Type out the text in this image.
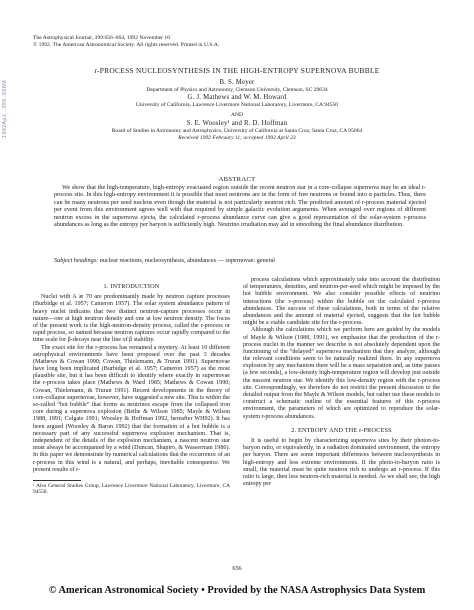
1992ApJ...399..656M
The Astrophysical Journal, 399:656–664, 1992 November 10
© 1992. The American Astronomical Society. All rights reserved. Printed in U.S.A.
r-PROCESS NUCLEOSYNTHESIS IN THE HIGH-ENTROPY SUPERNOVA BUBBLE
B. S. Meyer
Department of Physics and Astronomy, Clemson University, Clemson, SC 29634
G. J. Mathews and W. M. Howard
University of California, Lawrence Livermore National Laboratory, Livermore, CA 94550
AND
S. E. Woosley¹ and R. D. Hoffman
Board of Studies in Astronomy and Astrophysics, University of California at Santa Cruz, Santa Cruz, CA 95064
Received 1992 February 11; accepted 1992 April 23
ABSTRACT
We show that the high-temperature, high-entropy evacuated region outside the recent neutron star in a core-collapse supernova may be an ideal r-process site. In this high-entropy environment it is possible that most neutrons are in the form of free neutrons or bound into α particles. Thus, there can be many neutrons per seed nucleus even though the material is not particularly neutron rich. The predicted amount of r-process material ejected per event from this environment agrees well with that required by simple galactic evolution arguments. When averaged over regions of different neutron excess in the supernova ejecta, the calculated r-process abundance curve can give a good representation of the solar-system r-process abundances as long as the entropy per baryon is sufficiently high. Neutrino irradiation may aid in smoothing the final abundance distribution.
Subject headings: nuclear reactions, nucleosynthesis, abundances — supernovae: general
1. INTRODUCTION

Nuclei with A ≳ 70 are predominantly made by neutron capture processes (Burbidge et al. 1957; Cameron 1957). The solar system abundance pattern of heavy nuclei indicates that two distinct neutron-capture processes occur in nature—one at high neutron density and one at low neutron density. The focus of the present work is the high-neutron-density process, called the r-process or rapid process, so named because neutron captures occur rapidly compared to the time scale for β-decays near the line of β stability.

The exact site for the r-process has remained a mystery. At least 10 different astrophysical environments have been proposed over the past 3 decades (Mathews & Cowan 1990; Cowan, Thielemann, & Truran 1991). Supernovae have long been implicated (Burbidge et al. 1957; Cameron 1957) as the most plausible site, but it has been difficult to identify where exactly in supernovae the r-process takes place (Mathews & Ward 1985; Mathews & Cowan 1990; Cowan, Thielemann, & Truran 1991). Recent developments in the theory of core-collapse supernovae, however, have suggested a new site. This is within the so-called “hot bubble” that forms as neutrinos escape from the collapsed iron core during a supernova explosion (Bethe & Wilson 1985; Mayle & Wilson 1988, 1991; Colgate 1991; Woosley & Hoffman 1992, hereafter WH92). It has been argued (Woosley & Baron 1992) that the formation of a hot bubble is a necessary part of any successful supernova explosion mechanism. That is, independent of the details of the explosion mechanism, a nascent neutron star must always be accompanied by a wind (Duncan, Shapiro, & Wasserman 1986). In this paper we demonstrate by numerical calculations that the occurrence of an r-process in this wind is a natural, and perhaps, inevitable consequence. We present results of r-

¹ Also General Studies Group, Lawrence Livermore National Laboratory, Livermore, CA 94550.

process calculations which approximately take into account the distribution of temperatures, densities, and neutron-per-seed which might be imposed by the hot bubble environment. We also consider possible effects of neutrino interactions (the ν-process) within the bubble on the calculated r-process abundances. The success of these calculations, both in terms of the relative abundances and the amount of material ejected, suggests that the hot bubble might be a viable candidate site for the r-process.

Although the calculations which we perform here are guided by the models of Mayle & Wilson (1988, 1991), we emphasize that the production of the r-process nuclei in the manner we describe is not absolutely dependent upon the functioning of the “delayed” supernova mechanism that they analyze, although the relevant conditions seem to be naturally realized there. In any supernova explosion by any mechanism there will be a mass separation and, as time passes (a few seconds), a low-density high-temperature region will develop just outside the nascent neutron star. We identify this low-density region with the r-process site. Correspondingly, we therefore do not restrict the present discussion to the detailed output from the Mayle & Wilson models, but rather use these models to construct a schematic outline of the essential features of this r-process environment, the parameters of which are optimized to reproduce the solar-system r-process abundances.

2. ENTROPY AND THE r-PROCESS

It is useful to begin by characterizing supernova sites by their photon-to-baryon ratio, or equivalently, in a radiation dominated environment, the entropy per baryon. There are some important differences between nucleosynthesis in high-entropy and less extreme environments. If the photo-to-baryon ratio is small, the material must be quite neutron rich to undergo an r-process. If this ratio is large, then less neutron-rich material is needed. As we shall see, the high entropy per

656
© American Astronomical Society • Provided by the NASA Astrophysics Data System
